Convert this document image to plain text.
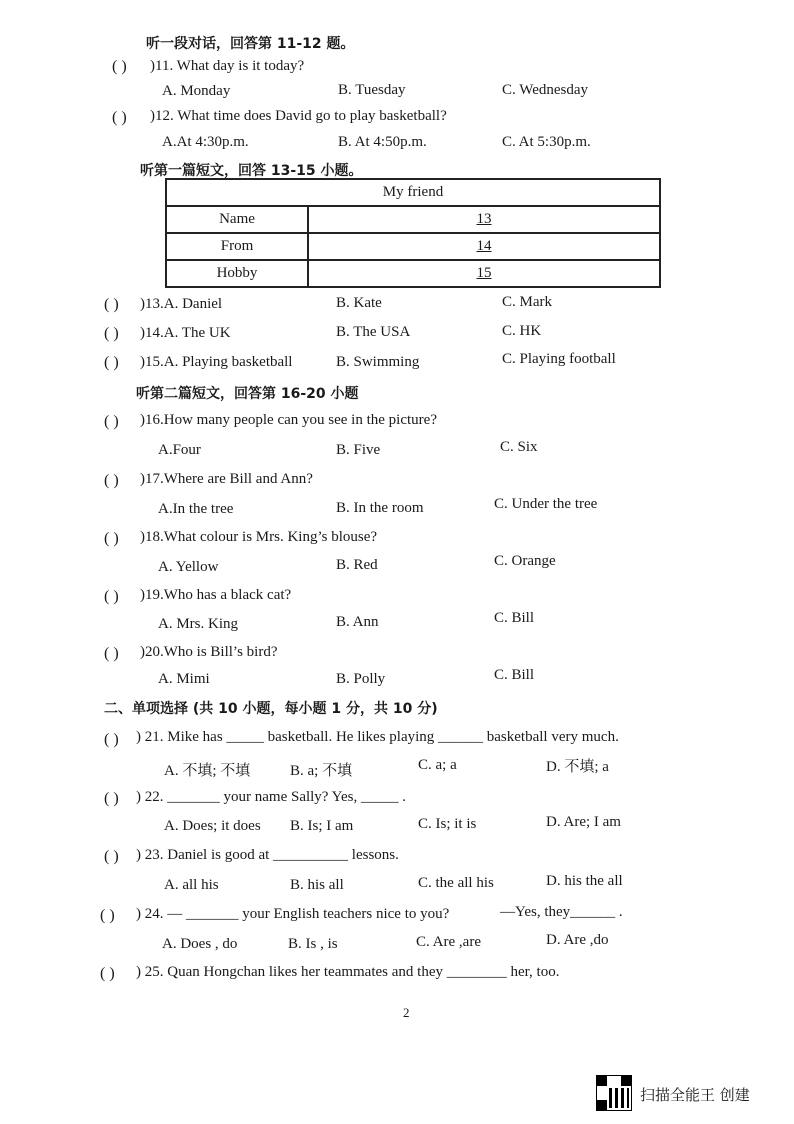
听一段对话，回答第 11-12 题。
( ) )11. What day is it today?
A. Monday	B. Tuesday	C. Wednesday
( ) )12. What time does David go to play basketball?
A.At 4:30p.m.	B. At 4:50p.m.	C. At 5:30p.m.
听第一篇短文，回答 13-15 小题。
My friend	
Name	13
From	14
Hobby	15
( ) )13.A. Daniel	B. Kate	C. Mark
( ) )14.A. The UK	B. The USA	C. HK
( ) )15.A. Playing basketball	B. Swimming	C. Playing football
听第二篇短文，回答第 16-20 小题
( ) )16.How many people can you see in the picture?
A.Four	B. Five	C. Six
( ) )17.Where are Bill and Ann?
A.In the tree	B. In the room	C. Under the tree
( ) )18.What colour is Mrs. King’s blouse?
A. Yellow	B. Red	C. Orange
( ) )19.Who has a black cat?
A. Mrs. King	B. Ann	C. Bill
( ) )20.Who is Bill’s bird?
A. Mimi	B. Polly	C. Bill
二、单项选择 (共 10 小题，每小题 1 分，共 10 分)
( ) ) 21. Mike has _____ basketball. He likes playing ______ basketball very much.
A. 不填; 不填	B. a; 不填	C. a; a	D. 不填; a
( ) ) 22. _______ your name Sally? Yes, _____ .
A. Does; it does B. Is; I am	C. Is; it is	D. Are; I am
( ) ) 23. Daniel is good at __________ lessons.
A. all his	B. his all	C. the all his	D. his the all
( ) ) 24. — _______ your English teachers nice to you?	—Yes, they______ .
A. Does , do	B. Is , is	C. Are ,are	D. Are ,do
( ) ) 25. Quan Hongchan likes her teammates and they ________ her, too.
2
扫描全能王 创建
